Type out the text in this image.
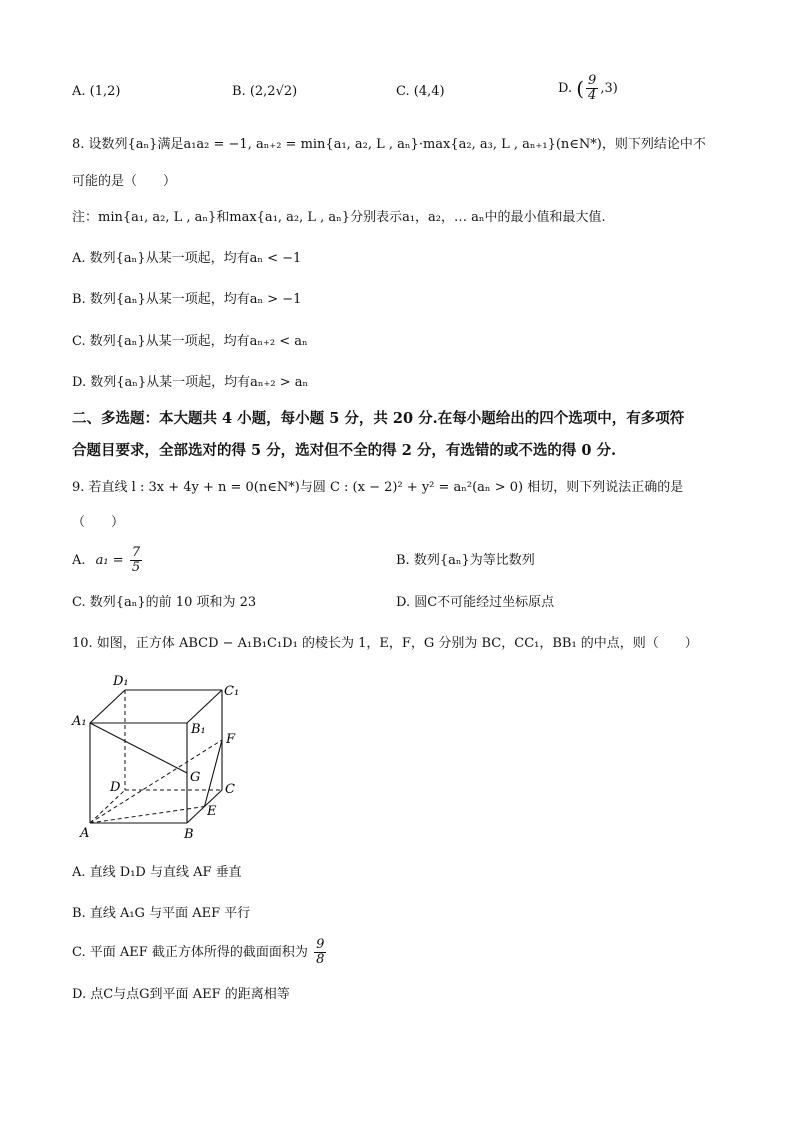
A. (1,2)	B. (2,2√2)	C. (4,4)	D. ( $\frac{9}{4} ,3$)
8. 设数列{aₙ}满足a₁a₂ = −1, aₙ₊₂ = min{a₁, a₂, L , aₙ}·max{a₂, a₃, L , aₙ₊₁}(n∈N*)，则下列结论中不
可能的是（　　）
注：min{a₁, a₂, L , aₙ}和max{a₁, a₂, L , aₙ}分别表示a₁，a₂，… aₙ中的最小值和最大值.
A. 数列{aₙ}从某一项起，均有aₙ < −1
B. 数列{aₙ}从某一项起，均有aₙ > −1
C. 数列{aₙ}从某一项起，均有aₙ₊₂ < aₙ
D. 数列{aₙ}从某一项起，均有aₙ₊₂ > aₙ
二、多选题：本大题共 4 小题，每小题 5 分，共 20 分.在每小题给出的四个选项中，有多项符
合题目要求，全部选对的得 5 分，选对但不全的得 2 分，有选错的或不选的得 0 分.
9. 若直线 l : 3x + 4y + n = 0(n∈N*)与圆 C : (x − 2)² + y² = aₙ²(aₙ > 0) 相切，则下列说法正确的是
（　　）
A. $a_1 = \frac{7}{5}$	B. 数列{aₙ}为等比数列
C. 数列{aₙ}的前 10 项和为 23	D. 圆C不可能经过坐标原点
10. 如图，正方体 ABCD − A₁B₁C₁D₁ 的棱长为 1，E，F，G 分别为 BC，CC₁，BB₁ 的中点，则（　　）
D₁
C₁
A₁
B₁
F
G
D	C
E
A	B
A. 直线 D₁D 与直线 AF 垂直
B. 直线 A₁G 与平面 AEF 平行
C. 平面 AEF 截正方体所得的截面面积为 $\frac{9}{8}$
D. 点C与点G到平面 AEF 的距离相等
